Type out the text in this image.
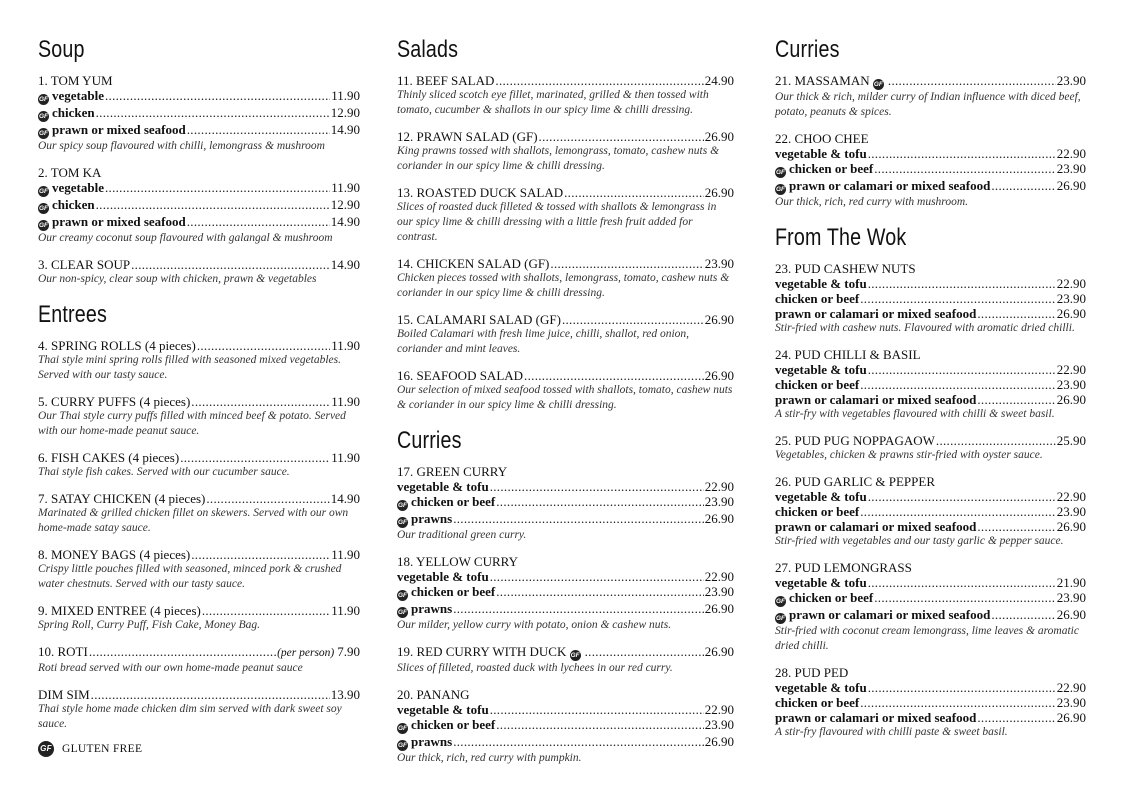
Soup
1. TOM YUM
GF vegetable .....	11.90
GF chicken .....	12.90
GF prawn or mixed seafood .....	14.90
Our spicy soup flavoured with chilli, lemongrass & mushroom
2. TOM KA
GF vegetable .....	11.90
GF chicken .....	12.90
GF prawn or mixed seafood .....	14.90
Our creamy coconut soup flavoured with galangal & mushroom
3. CLEAR SOUP .....	14.90
Our non-spicy, clear soup with chicken, prawn & vegetables
Entrees
4. SPRING ROLLS (4 pieces) .....	11.90
Thai style mini spring rolls filled with seasoned mixed vegetables. Served with our tasty sauce.
5. CURRY PUFFS (4 pieces) .....	11.90
Our Thai style curry puffs filled with minced beef & potato. Served with our home-made peanut sauce.
6. FISH CAKES (4 pieces) .....	11.90
Thai style fish cakes. Served with our cucumber sauce.
7. SATAY CHICKEN (4 pieces) .....	14.90
Marinated & grilled chicken fillet on skewers. Served with our own home-made satay sauce.
8. MONEY BAGS (4 pieces) .....	11.90
Crispy little pouches filled with seasoned, minced pork & crushed water chestnuts. Served with our tasty sauce.
9. MIXED ENTREE (4 pieces) .....	11.90
Spring Roll, Curry Puff, Fish Cake, Money Bag.
10. ROTI .....	(per person) 7.90
Roti bread served with our own home-made peanut sauce
DIM SIM .....	13.90
Thai style home made chicken dim sim served with dark sweet soy sauce.
Salads
11. BEEF SALAD .....	24.90
Thinly sliced scotch eye fillet, marinated, grilled & then tossed with tomato, cucumber & shallots in our spicy lime & chilli dressing.
12. PRAWN SALAD (GF) .....	26.90
King prawns tossed with shallots, lemongrass, tomato, cashew nuts & coriander in our spicy lime & chilli dressing.
13. ROASTED DUCK SALAD .....	26.90
Slices of roasted duck filleted & tossed with shallots & lemongrass in our spicy lime & chilli dressing with a little fresh fruit added for contrast.
14. CHICKEN SALAD (GF) .....	23.90
Chicken pieces tossed with shallots, lemongrass, tomato, cashew nuts & coriander in our spicy lime & chilli dressing.
15. CALAMARI SALAD (GF) .....	26.90
Boiled Calamari with fresh lime juice, chilli, shallot, red onion, coriander and mint leaves.
16. SEAFOOD SALAD .....	26.90
Our selection of mixed seafood tossed with shallots, tomato, cashew nuts & coriander in our spicy lime & chilli dressing.
Curries
17. GREEN CURRY
vegetable & tofu .....	22.90
GF chicken or beef .....	23.90
GF prawns .....	26.90
Our traditional green curry.
18. YELLOW CURRY
vegetable & tofu .....	22.90
GF chicken or beef .....	23.90
GF prawns .....	26.90
Our milder, yellow curry with potato, onion & cashew nuts.
19. RED CURRY WITH DUCK GF .....	26.90
Slices of filleted, roasted duck with lychees in our red curry.
20. PANANG
vegetable & tofu .....	22.90
GF chicken or beef .....	23.90
GF prawns .....	26.90
Our thick, rich, red curry with pumpkin.
Curries
21. MASSAMAN GF .....	23.90
Our thick & rich, milder curry of Indian influence with diced beef, potato, peanuts & spices.
22. CHOO CHEE
vegetable & tofu .....	22.90
GF chicken or beef .....	23.90
GF prawn or calamari or mixed seafood .....	26.90
Our thick, rich, red curry with mushroom.
From The Wok
23. PUD CASHEW NUTS
vegetable & tofu .....	22.90
chicken or beef .....	23.90
prawn or calamari or mixed seafood .....	26.90
Stir-fried with cashew nuts. Flavoured with aromatic dried chilli.
24. PUD CHILLI & BASIL
vegetable & tofu .....	22.90
chicken or beef .....	23.90
prawn or calamari or mixed seafood .....	26.90
A stir-fry with vegetables flavoured with chilli & sweet basil.
25. PUD PUG NOPPAGAOW .....	25.90
Vegetables, chicken & prawns stir-fried with oyster sauce.
26. PUD GARLIC & PEPPER
vegetable & tofu .....	22.90
chicken or beef .....	23.90
prawn or calamari or mixed seafood .....	26.90
Stir-fried with vegetables and our tasty garlic & pepper sauce.
27. PUD LEMONGRASS
vegetable & tofu .....	21.90
GF chicken or beef .....	23.90
GF prawn or calamari or mixed seafood .....	26.90
Stir-fried with coconut cream lemongrass, lime leaves & aromatic dried chilli.
28. PUD PED
vegetable & tofu .....	22.90
chicken or beef .....	23.90
prawn or calamari or mixed seafood .....	26.90
A stir-fry flavoured with chilli paste & sweet basil.
GF GLUTEN FREE
